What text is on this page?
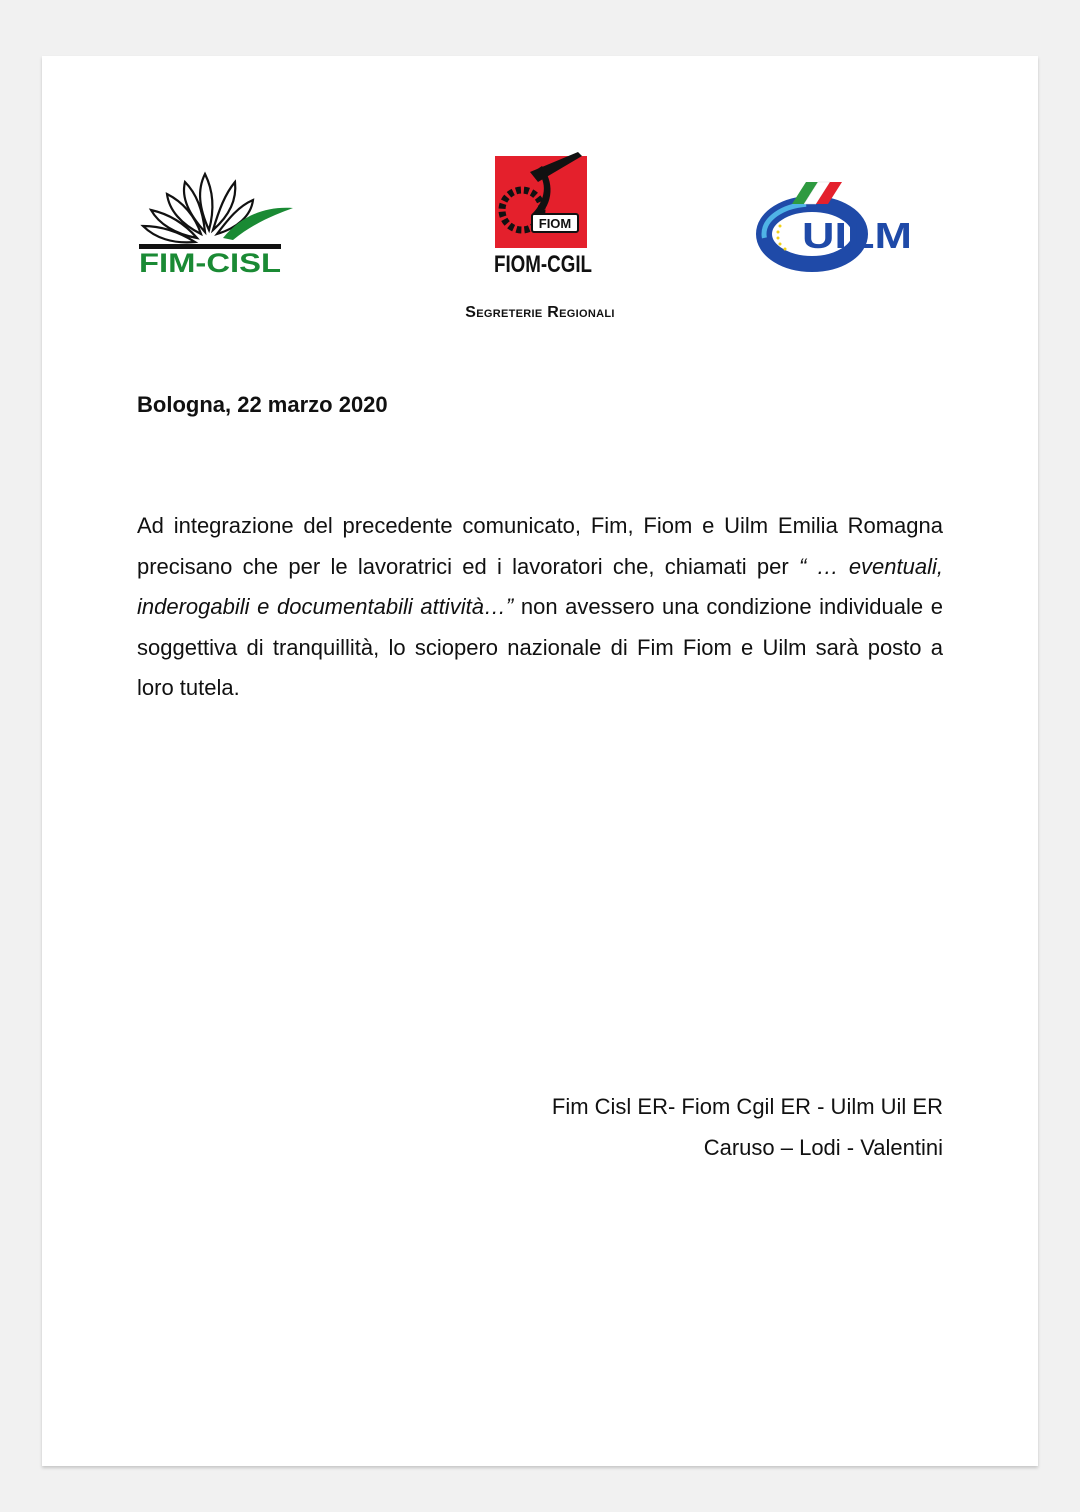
FIM-CISL
FIOM
FIOM-CGIL
UILM
Segreterie Regionali
Bologna, 22 marzo 2020

Ad integrazione del precedente comunicato, Fim, Fiom e Uilm Emilia Romagna precisano che per le lavoratrici ed i lavoratori che, chiamati per “ … eventuali, inderogabili e documentabili attività…” non avessero una condizione individuale e soggettiva di tranquillità, lo sciopero nazionale di Fim Fiom e Uilm sarà posto a loro tutela.

Fim Cisl ER- Fiom Cgil ER - Uilm Uil ER
Caruso – Lodi - Valentini
